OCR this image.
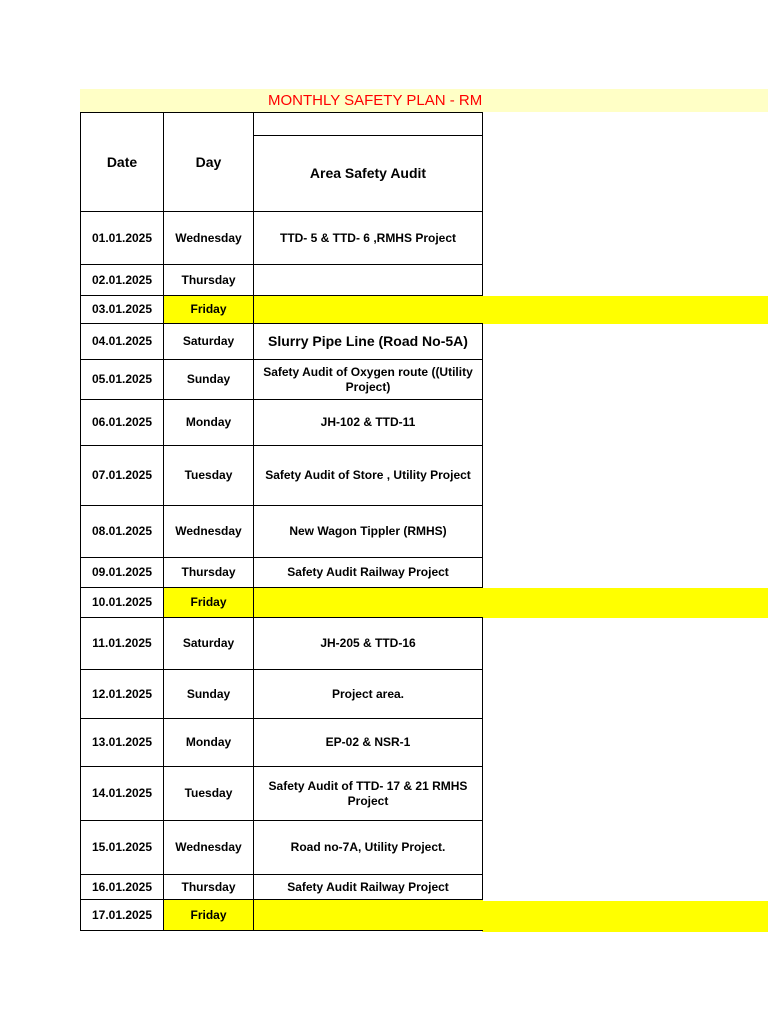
MONTHLY SAFETY PLAN - RM
Date	Day	
		Area Safety Audit
01.01.2025	Wednesday	TTD- 5 & TTD- 6 ,RMHS Project
02.01.2025	Thursday	
03.01.2025	Friday	
04.01.2025	Saturday	Slurry Pipe Line (Road No-5A)
05.01.2025	Sunday	Safety Audit of Oxygen route ((Utility Project)
06.01.2025	Monday	JH-102 & TTD-11
07.01.2025	Tuesday	Safety Audit of Store , Utility Project
08.01.2025	Wednesday	New Wagon Tippler (RMHS)
09.01.2025	Thursday	Safety Audit Railway Project
10.01.2025	Friday	
11.01.2025	Saturday	JH-205 & TTD-16
12.01.2025	Sunday	Project area.
13.01.2025	Monday	EP-02 & NSR-1
14.01.2025	Tuesday	Safety Audit of TTD- 17 & 21 RMHS Project
15.01.2025	Wednesday	Road no-7A, Utility Project.
16.01.2025	Thursday	Safety Audit Railway Project
17.01.2025	Friday	
